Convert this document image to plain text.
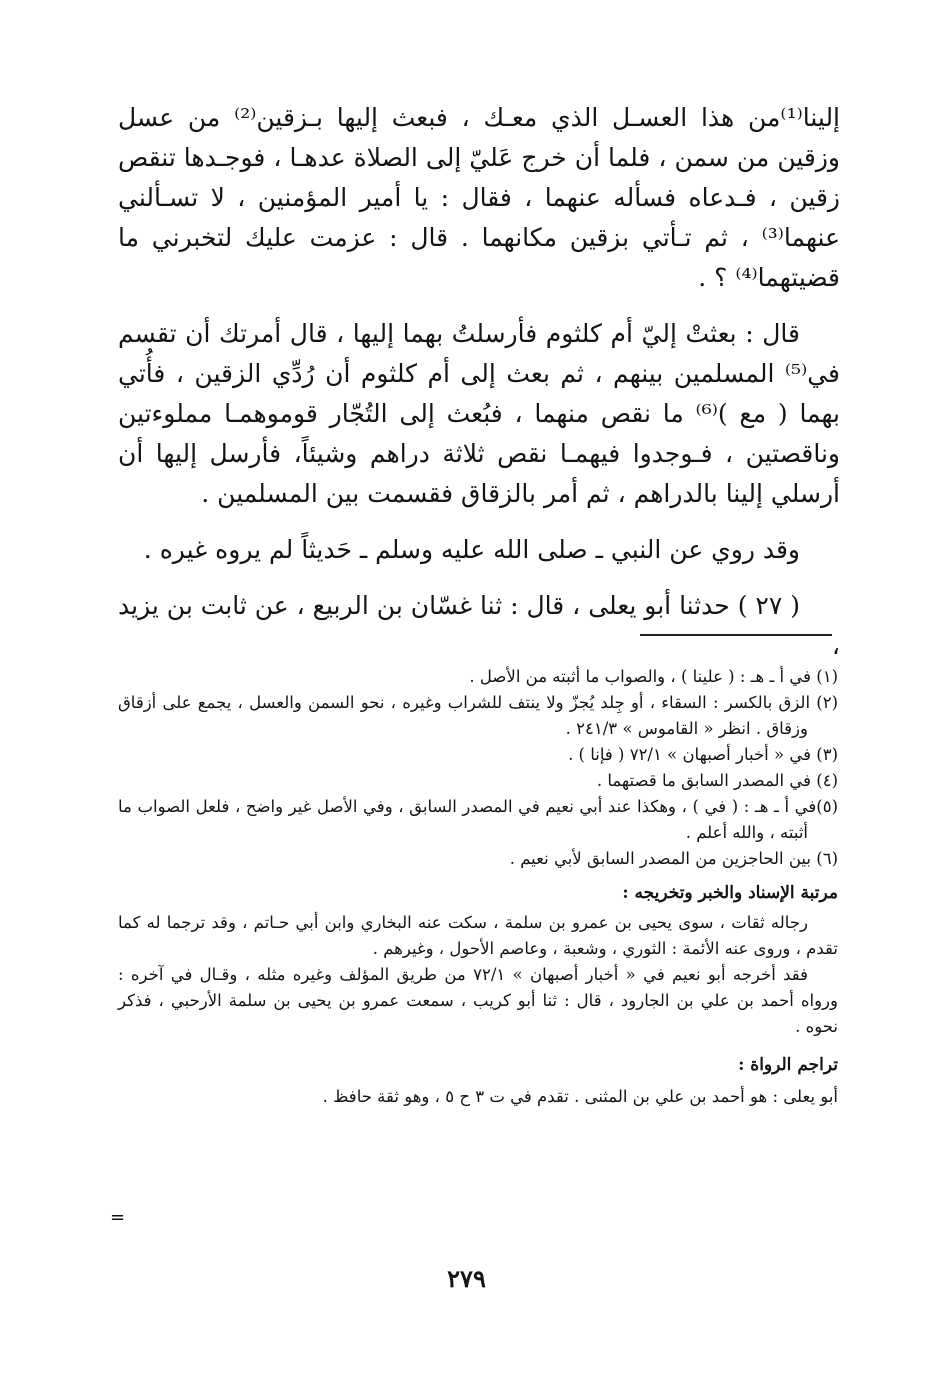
إلينا⁽¹⁾من هذا العسـل الذي معـك ، فبعث إليها بـزقين⁽²⁾ من عسل وزقين من سمن ، فلما أن خرج عَليّ إلى الصلاة عدهـا ، فوجـدها تنقص زقين ، فـدعاه فسأله عنهما ، فقال : يا أمير المؤمنين ، لا تسـألني عنهما⁽³⁾ ، ثم تـأتي بزقين مكانهما . قال : عزمت عليك لتخبرني ما قضيتهما⁽⁴⁾ ؟ .

قال : بعثتْ إليّ أم كلثوم فأرسلتُ بهما إليها ، قال أمرتك أن تقسم في⁽⁵⁾ المسلمين بينهم ، ثم بعث إلى أم كلثوم أن رُدِّي الزقين ، فأُتي بهما ( مع )⁽⁶⁾ ما نقص منهما ، فبُعث إلى التُجّار قوموهمـا مملوءتين وناقصتين ، فـوجدوا فيهمـا نقص ثلاثة دراهم وشيئاً، فأرسل إليها أن أرسلي إلينا بالدراهم ، ثم أمر بالزقاق فقسمت بين المسلمين .

وقد روي عن النبي ـ صلى الله عليه وسلم ـ حَديثاً لم يروه غيره .

( ٢٧ ) حدثنا أبو يعلى ، قال : ثنا غسّان بن الربيع ، عن ثابت بن يزيد ،

(١) في أ ـ هـ : ( علينا ) ، والصواب ما أثبته من الأصل .
(٢) الزق بالكسر : السقاء ، أو جِلد يُجزّ ولا ينتف للشراب وغيره ، نحو السمن والعسل ، يجمع على أزقاق وزقاق . انظر « القاموس » ٢٤١/٣ .
(٣) في « أخبار أصبهان » ٧٢/١ ( فإنا ) .
(٤) في المصدر السابق ما قصتهما .
(٥)في أ ـ هـ : ( في ) ، وهكذا عند أبي نعيم في المصدر السابق ، وفي الأصل غير واضح ، فلعل الصواب ما أثبته ، والله أعلم .
(٦) بين الحاجزين من المصدر السابق لأبي نعيم .
مرتبة الإسناد والخبر وتخريجه :
رجاله ثقات ، سوى يحيى بن عمرو بن سلمة ، سكت عنه البخاري وابن أبي حـاتم ، وقد ترجما له كما تقدم ، وروى عنه الأئمة : الثوري ، وشعبة ، وعاصم الأحول ، وغيرهم .
فقد أخرجه أبو نعيم في « أخبار أصبهان » ٧٢/١ من طريق المؤلف وغيره مثله ، وقـال في آخره : ورواه أحمد بن علي بن الجارود ، قال : ثنا أبو كريب ، سمعت عمرو بن يحيى بن سلمة الأرحبي ، فذكر نحوه .
تراجم الرواة :
أبو يعلى : هو أحمد بن علي بن المثنى . تقدم في ت ٣ ح ٥ ، وهو ثقة حافظ .
=
٢٧٩
